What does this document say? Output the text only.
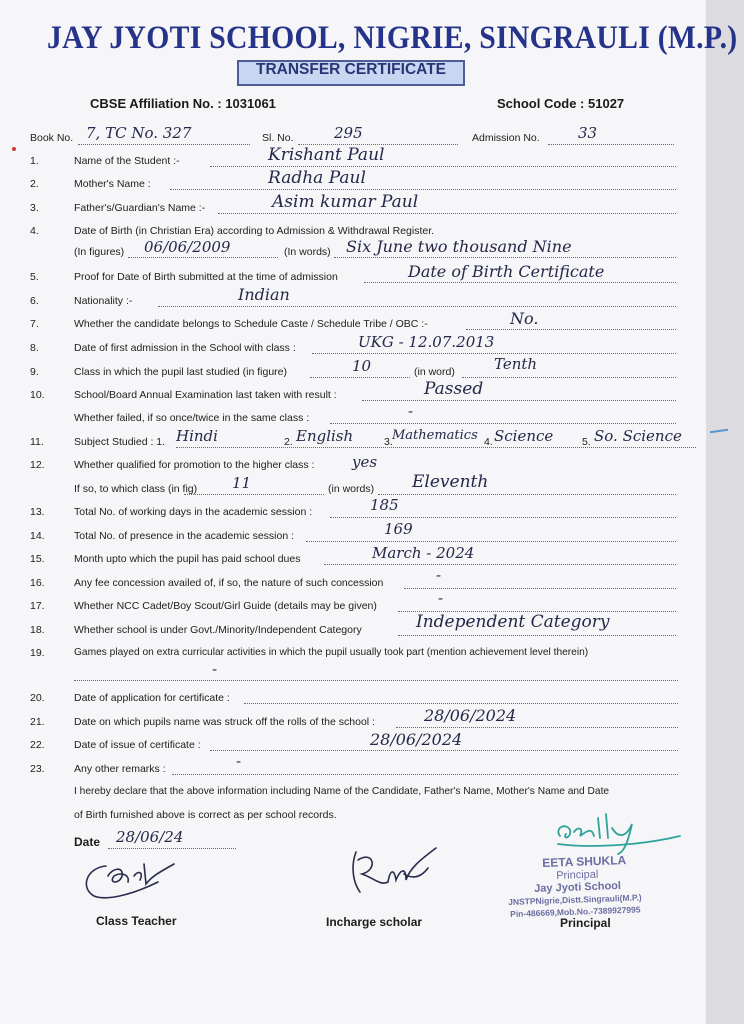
JAY JYOTI SCHOOL, NIGRIE, SINGRAULI (M.P.)
TRANSFER CERTIFICATE
CBSE Affiliation No. : 1031061	School Code : 51027
Book No. 7, TC No. 327	Sl. No.	295	Admission No.	33
1.	Name of the Student :-	Krishant Paul
2.	Mother's Name :	Radha Paul
3.	Father's/Guardian's Name :-	Asim kumar Paul
4.	Date of Birth (in Christian Era) according to Admission & Withdrawal Register.
(In figures) 06/06/2009	(In words) Six June two thousand Nine
5.	Proof for Date of Birth submitted at the time of admission	Date of Birth Certificate
6.	Nationality :-	Indian
7.	Whether the candidate belongs to Schedule Caste / Schedule Tribe / OBC :-	No.
8.	Date of first admission in the School with class :	UKG - 12.07.2013
9.	Class in which the pupil last studied (in figure)	10	(in word)	Tenth
10.	School/Board Annual Examination last taken with result :	Passed
Whether failed, if so once/twice in the same class :	-
11.	Subject Studied : 1. Hindi	2. English	3. Mathematics 4. Science	5. So. Science
12.	Whether qualified for promotion to the higher class :	yes
If so, to which class (in fig) 11	(in words) Eleventh
13.	Total No. of working days in the academic session :	185
14.	Total No. of presence in the academic session :	169
15.	Month upto which the pupil has paid school dues	March - 2024
16.	Any fee concession availed of, if so, the nature of such concession	-
17.	Whether NCC Cadet/Boy Scout/Girl Guide (details may be given)	-
18.	Whether school is under Govt./Minority/Independent Category	Independent Category
19.	Games played on extra curricular activities in which the pupil usually took part (mention achievement level therein)
-
20.	Date of application for certificate :
21.	Date on which pupils name was struck off the rolls of the school :	28/06/2024
22.	Date of issue of certificate :	28/06/2024
23.	Any other remarks :	-
I hereby declare that the above information including Name of the Candidate, Father's Name, Mother's Name and Date
of Birth furnished above is correct as per school records.
Date 28/06/24
Class Teacher	Incharge scholar
EETA SHUKLA
Principal
Jay Jyoti School
JNSTPNigrie,Distt.Singrauli(M.P.)
Pin-486669,Mob.No.-7389927995
Principal
